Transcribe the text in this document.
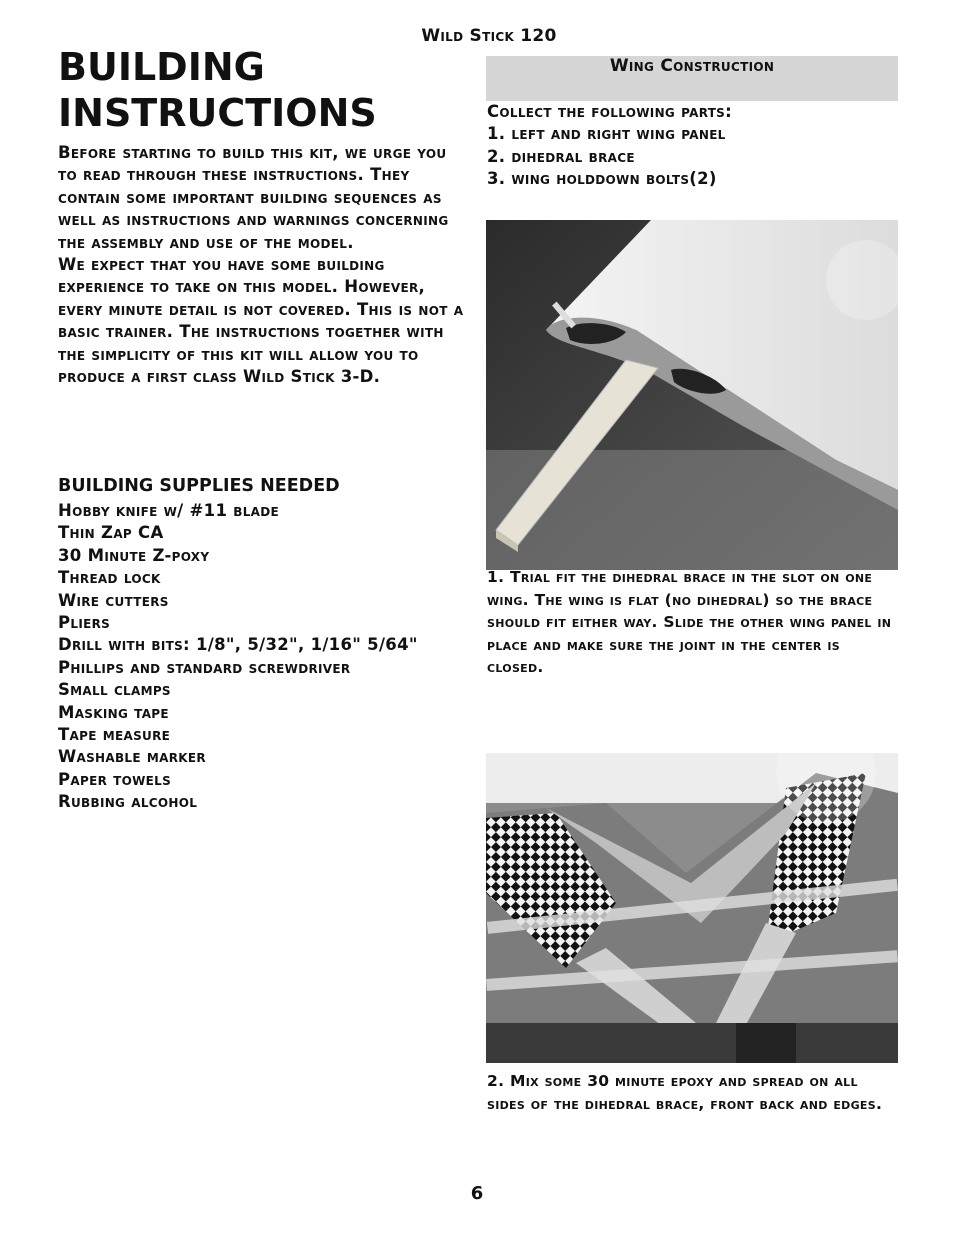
Wild Stick 120
BUILDING INSTRUCTIONS

Before starting to build this kit, we urge you to read through these instructions. They contain some important building sequences as well as instructions and warnings concerning the assembly and use of the model.

We expect that you have some building experience to take on this model. However, every minute detail is not covered. This is not a basic trainer. The instructions together with the simplicity of this kit will allow you to produce a first class Wild Stick 3-D.

BUILDING SUPPLIES NEEDED
Hobby knife w/ #11 blade
Thin Zap CA
30 Minute Z-poxy
Thread lock
Wire cutters
Pliers
Drill with bits: 1/8", 5/32", 1/16" 5/64"
Phillips and standard screwdriver
Small clamps
Masking tape
Tape measure
Washable marker
Paper towels
Rubbing alcohol
Wing Construction

Collect the following parts:

1. left and right wing panel

2. dihedral brace

3. wing holddown bolts(2)

1. Trial fit the dihedral brace in the slot on one wing. The wing is flat (no dihedral) so the brace should fit either way. Slide the other wing panel in place and make sure the joint in the center is closed.
2. Mix some 30 minute epoxy and spread on all sides of the dihedral brace, front back and edges.
6
